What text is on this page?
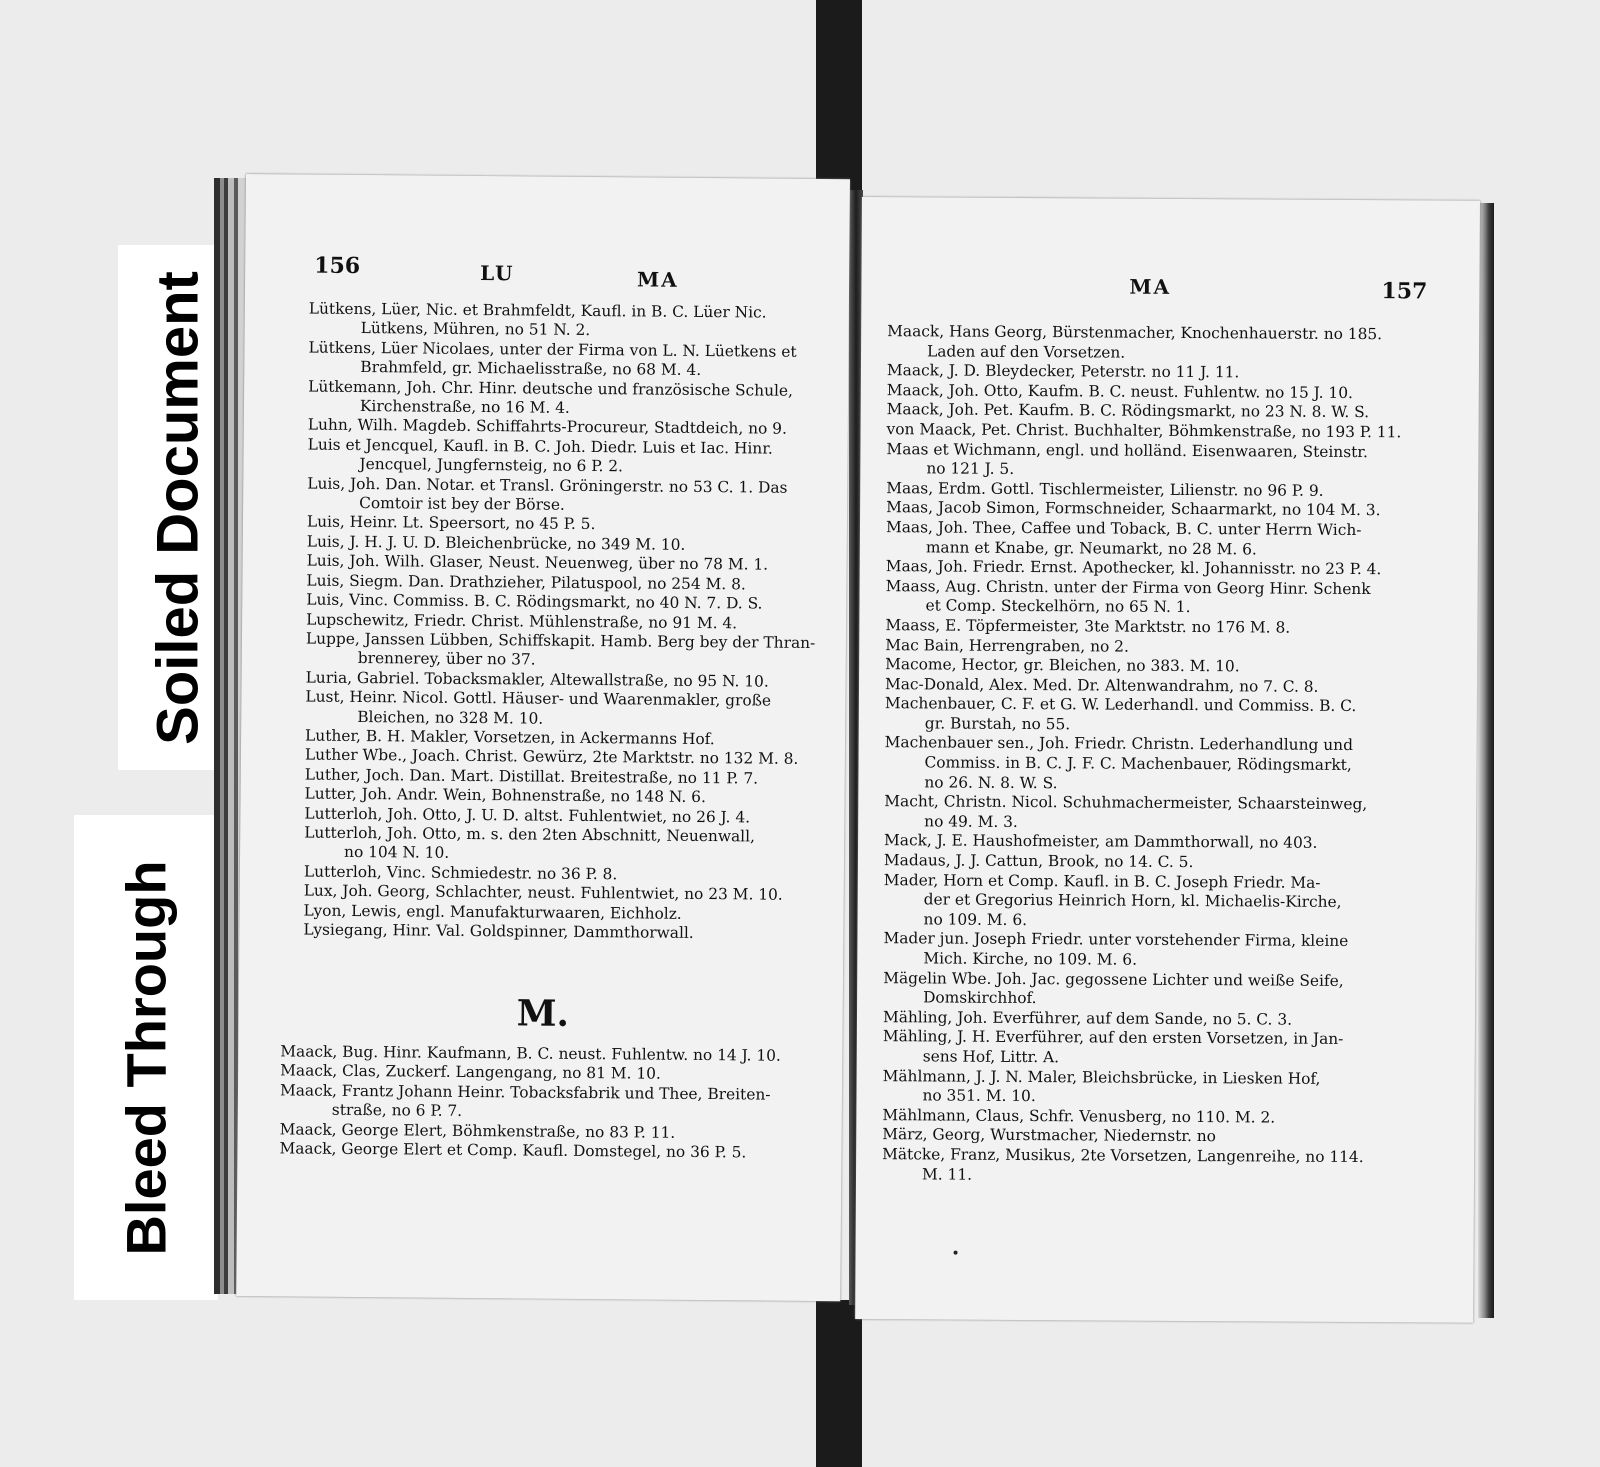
Soiled Document
Bleed Through
156	LU	MA
Lütkens, Lüer, Nic. et Brahmfeldt, Kaufl. in B. C. Lüer Nic.
Lütkens, Mühren, no 51 N. 2.
Lütkens, Lüer Nicolaes, unter der Firma von L. N. Lüetkens et
Brahmfeld, gr. Michaelisstraße, no 68 M. 4.
Lütkemann, Joh. Chr. Hinr. deutsche und französische Schule,
Kirchenstraße, no 16 M. 4.
Luhn, Wilh. Magdeb. Schiffahrts-Procureur, Stadtdeich, no 9.
Luis et Jencquel, Kaufl. in B. C. Joh. Diedr. Luis et Iac. Hinr.
Jencquel, Jungfernsteig, no 6 P. 2.
Luis, Joh. Dan. Notar. et Transl. Gröningerstr. no 53 C. 1. Das
Comtoir ist bey der Börse.
Luis, Heinr. Lt. Speersort, no 45 P. 5.
Luis, J. H. J. U. D. Bleichenbrücke, no 349 M. 10.
Luis, Joh. Wilh. Glaser, Neust. Neuenweg, über no 78 M. 1.
Luis, Siegm. Dan. Drathzieher, Pilatuspool, no 254 M. 8.
Luis, Vinc. Commiss. B. C. Rödingsmarkt, no 40 N. 7. D. S.
Lupschewitz, Friedr. Christ. Mühlenstraße, no 91 M. 4.
Luppe, Janssen Lübben, Schiffskapit. Hamb. Berg bey der Thran-
brennerey, über no 37.
Luria, Gabriel. Tobacksmakler, Altewallstraße, no 95 N. 10.
Lust, Heinr. Nicol. Gottl. Häuser- und Waarenmakler, große
Bleichen, no 328 M. 10.
Luther, B. H. Makler, Vorsetzen, in Ackermanns Hof.
Luther Wbe., Joach. Christ. Gewürz, 2te Marktstr. no 132 M. 8.
Luther, Joch. Dan. Mart. Distillat. Breitestraße, no 11 P. 7.
Lutter, Joh. Andr. Wein, Bohnenstraße, no 148 N. 6.
Lutterloh, Joh. Otto, J. U. D. altst. Fuhlentwiet, no 26 J. 4.
Lutterloh, Joh. Otto, m. s. den 2ten Abschnitt, Neuenwall,
no 104 N. 10.
Lutterloh, Vinc. Schmiedestr. no 36 P. 8.
Lux, Joh. Georg, Schlachter, neust. Fuhlentwiet, no 23 M. 10.
Lyon, Lewis, engl. Manufakturwaaren, Eichholz.
Lysiegang, Hinr. Val. Goldspinner, Dammthorwall.
M.
Maack, Bug. Hinr. Kaufmann, B. C. neust. Fuhlentw. no 14 J. 10.
Maack, Clas, Zuckerf. Langengang, no 81 M. 10.
Maack, Frantz Johann Heinr. Tobacksfabrik und Thee, Breiten-
straße, no 6 P. 7.
Maack, George Elert, Böhmkenstraße, no 83 P. 11.
Maack, George Elert et Comp. Kaufl. Domstegel, no 36 P. 5.
MA	157
Maack, Hans Georg, Bürstenmacher, Knochenhauerstr. no 185.
Laden auf den Vorsetzen.
Maack, J. D. Bleydecker, Peterstr. no 11 J. 11.
Maack, Joh. Otto, Kaufm. B. C. neust. Fuhlentw. no 15 J. 10.
Maack, Joh. Pet. Kaufm. B. C. Rödingsmarkt, no 23 N. 8. W. S.
von Maack, Pet. Christ. Buchhalter, Böhmkenstraße, no 193 P. 11.
Maas et Wichmann, engl. und holländ. Eisenwaaren, Steinstr.
no 121 J. 5.
Maas, Erdm. Gottl. Tischlermeister, Lilienstr. no 96 P. 9.
Maas, Jacob Simon, Formschneider, Schaarmarkt, no 104 M. 3.
Maas, Joh. Thee, Caffee und Toback, B. C. unter Herrn Wich-
mann et Knabe, gr. Neumarkt, no 28 M. 6.
Maas, Joh. Friedr. Ernst. Apothecker, kl. Johannisstr. no 23 P. 4.
Maass, Aug. Christn. unter der Firma von Georg Hinr. Schenk
et Comp. Steckelhörn, no 65 N. 1.
Maass, E. Töpfermeister, 3te Marktstr. no 176 M. 8.
Mac Bain, Herrengraben, no 2.
Macome, Hector, gr. Bleichen, no 383. M. 10.
Mac-Donald, Alex. Med. Dr. Altenwandrahm, no 7. C. 8.
Machenbauer, C. F. et G. W. Lederhandl. und Commiss. B. C.
gr. Burstah, no 55.
Machenbauer sen., Joh. Friedr. Christn. Lederhandlung und
Commiss. in B. C. J. F. C. Machenbauer, Rödingsmarkt,
no 26. N. 8. W. S.
Macht, Christn. Nicol. Schuhmachermeister, Schaarsteinweg,
no 49. M. 3.
Mack, J. E. Haushofmeister, am Dammthorwall, no 403.
Madaus, J. J. Cattun, Brook, no 14. C. 5.
Mader, Horn et Comp. Kaufl. in B. C. Joseph Friedr. Ma-
der et Gregorius Heinrich Horn, kl. Michaelis-Kirche,
no 109. M. 6.
Mader jun. Joseph Friedr. unter vorstehender Firma, kleine
Mich. Kirche, no 109. M. 6.
Mägelin Wbe. Joh. Jac. gegossene Lichter und weiße Seife,
Domskirchhof.
Mähling, Joh. Everführer, auf dem Sande, no 5. C. 3.
Mähling, J. H. Everführer, auf den ersten Vorsetzen, in Jan-
sens Hof, Littr. A.
Mählmann, J. J. N. Maler, Bleichsbrücke, in Liesken Hof,
no 351. M. 10.
Mählmann, Claus, Schfr. Venusberg, no 110. M. 2.
März, Georg, Wurstmacher, Niedernstr. no
Mätcke, Franz, Musikus, 2te Vorsetzen, Langenreihe, no 114.
M. 11.
